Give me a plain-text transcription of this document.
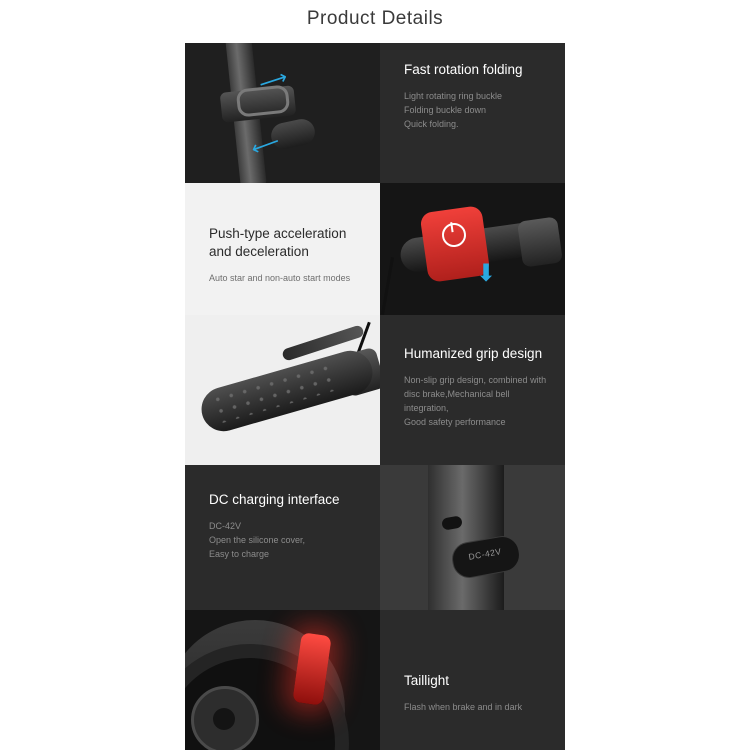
Product Details
⟶
⟶

Fast rotation folding

Light rotating ring buckle
Folding buckle down
Quick folding.

Push-type acceleration
and deceleration

Auto star and non-auto start modes	⬇

Humanized grip design

Non-slip grip design, combined with
disc brake,Mechanical bell integration,
Good safety performance

DC charging interface

DC-42V
Open the silicone cover,
Easy to charge	DC-42V

Taillight

Flash when brake and in dark
